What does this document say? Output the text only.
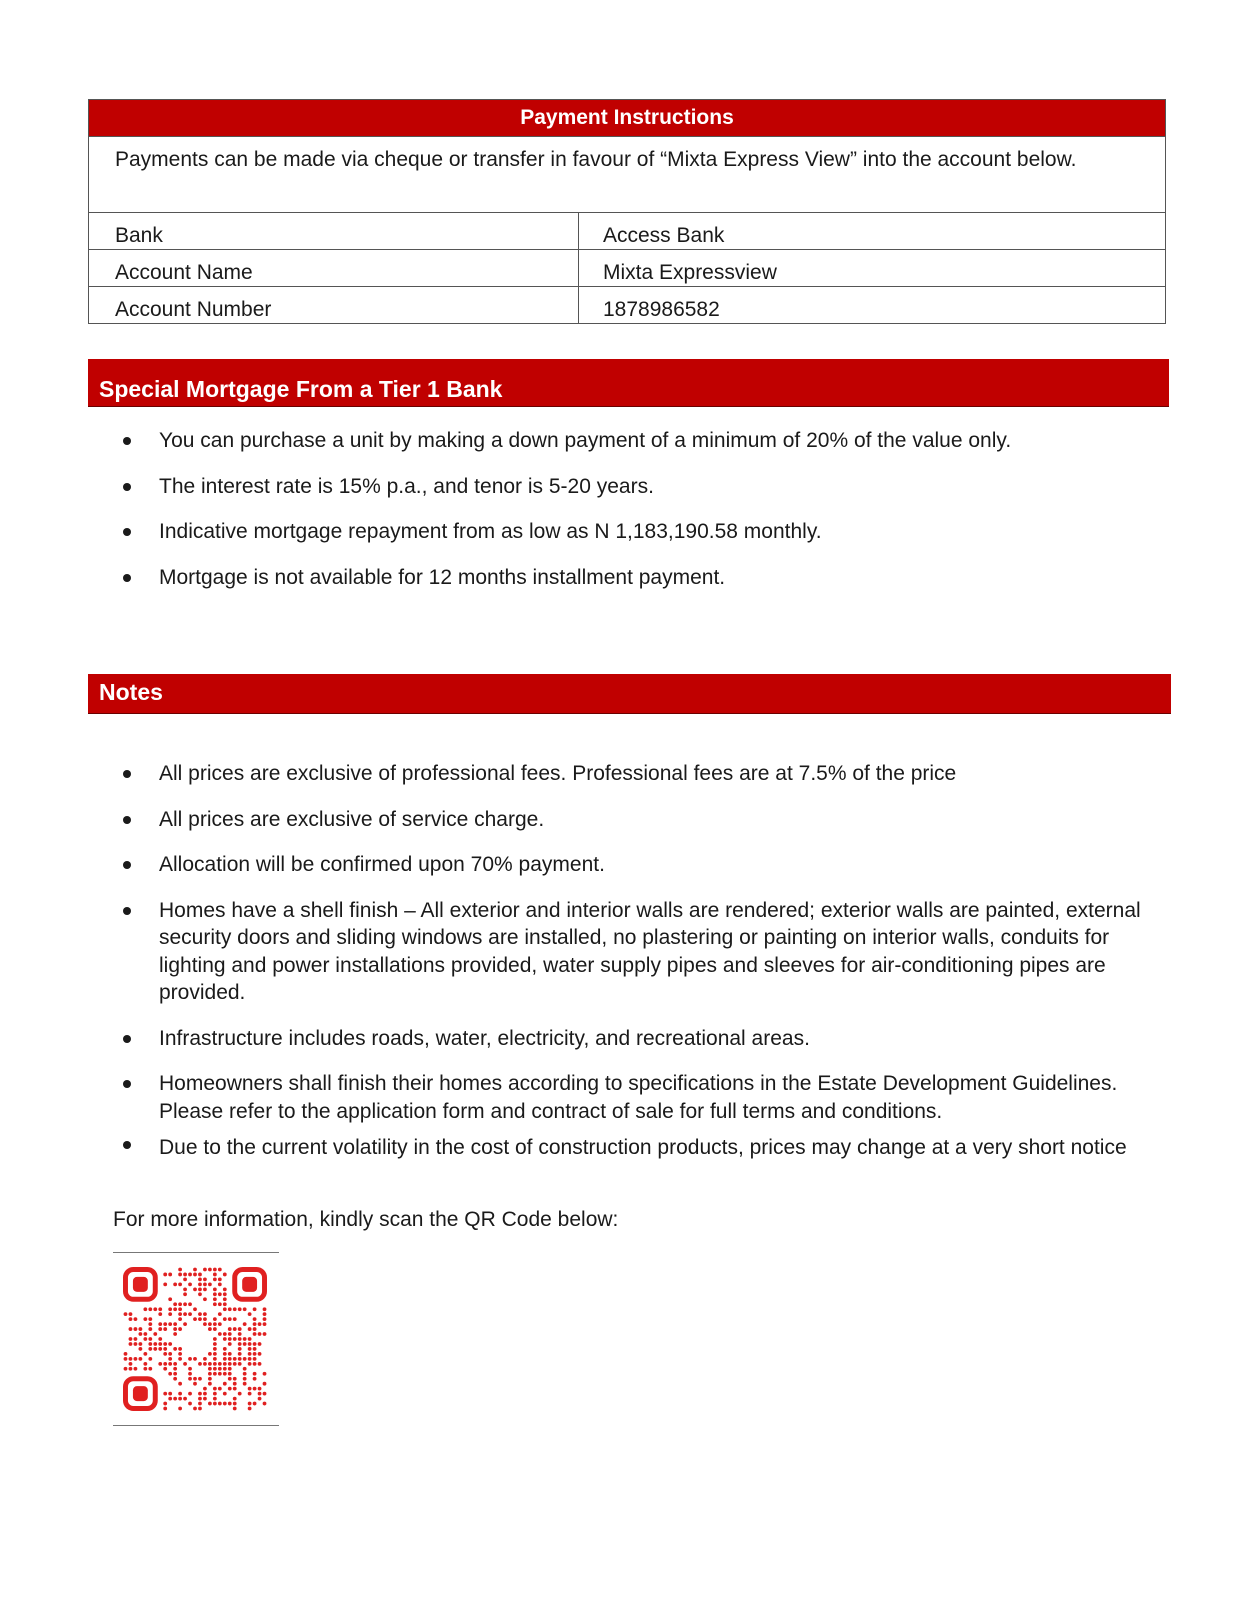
Payment Instructions	
Payments can be made via cheque or transfer in favour of “Mixta Express View” into the account below.	
Bank	Access Bank
Account Name	Mixta Expressview
Account Number	1878986582
Special Mortgage From a Tier 1 Bank
You can purchase a unit by making a down payment of a minimum of 20% of the value only.
The interest rate is 15% p.a., and tenor is 5-20 years.
Indicative mortgage repayment from as low as N 1,183,190.58 monthly.
Mortgage is not available for 12 months installment payment.
Notes
All prices are exclusive of professional fees. Professional fees are at 7.5% of the price
All prices are exclusive of service charge.
Allocation will be confirmed upon 70% payment.
Homes have a shell finish – All exterior and interior walls are rendered; exterior walls are painted, external security doors and sliding windows are installed, no plastering or painting on interior walls, conduits for lighting and power installations provided, water supply pipes and sleeves for air-conditioning pipes are provided.
Infrastructure includes roads, water, electricity, and recreational areas.
Homeowners shall finish their homes according to specifications in the Estate Development Guidelines. Please refer to the application form and contract of sale for full terms and conditions.
Due to the current volatility in the cost of construction products, prices may change at a very short notice
For more information, kindly scan the QR Code below:
